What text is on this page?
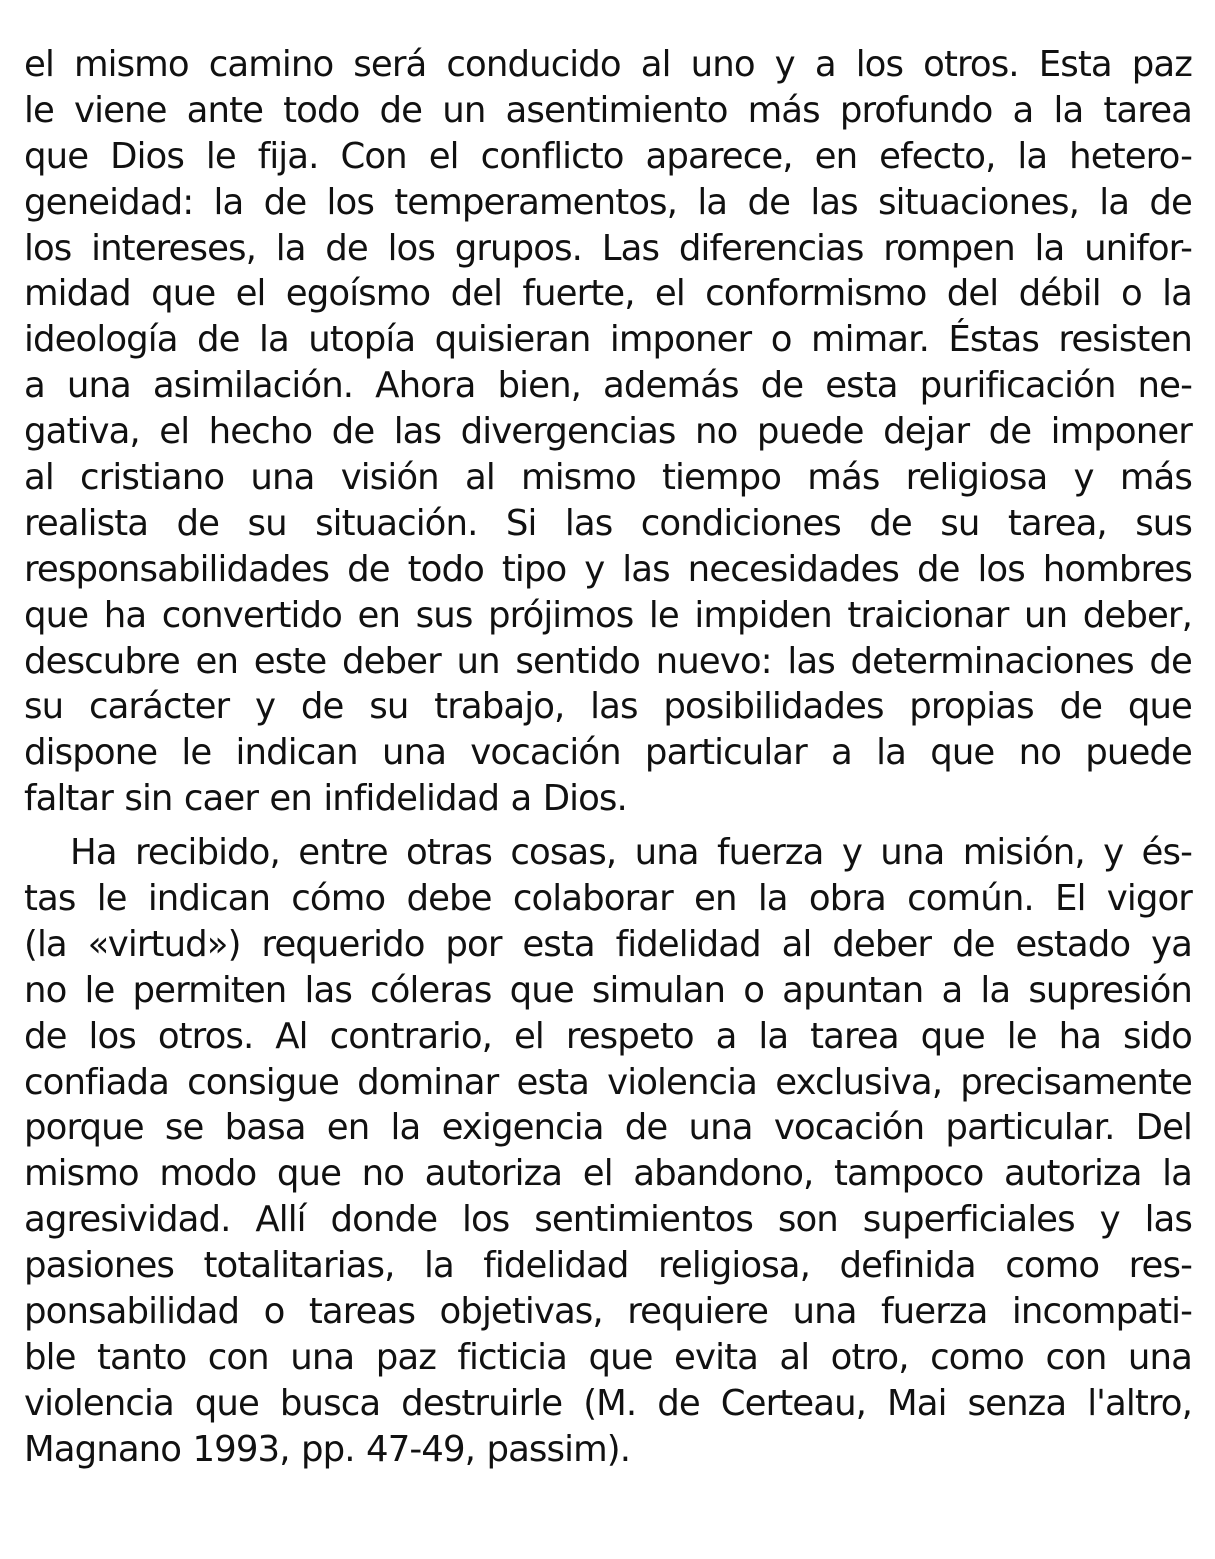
el mismo camino será conducido al uno y a los otros. Esta paz
le viene ante todo de un asentimiento más profundo a la tarea
que Dios le fija. Con el conflicto aparece, en efecto, la hetero-
geneidad: la de los temperamentos, la de las situaciones, la de
los intereses, la de los grupos. Las diferencias rompen la unifor-
midad que el egoísmo del fuerte, el conformismo del débil o la
ideología de la utopía quisieran imponer o mimar. Éstas resisten
a una asimilación. Ahora bien, además de esta purificación ne-
gativa, el hecho de las divergencias no puede dejar de imponer
al cristiano una visión al mismo tiempo más religiosa y más
realista de su situación. Si las condiciones de su tarea, sus
responsabilidades de todo tipo y las necesidades de los hombres
que ha convertido en sus prójimos le impiden traicionar un deber,
descubre en este deber un sentido nuevo: las determinaciones de
su carácter y de su trabajo, las posibilidades propias de que
dispone le indican una vocación particular a la que no puede
faltar sin caer en infidelidad a Dios.
Ha recibido, entre otras cosas, una fuerza y una misión, y és-
tas le indican cómo debe colaborar en la obra común. El vigor
(la «virtud») requerido por esta fidelidad al deber de estado ya
no le permiten las cóleras que simulan o apuntan a la supresión
de los otros. Al contrario, el respeto a la tarea que le ha sido
confiada consigue dominar esta violencia exclusiva, precisamente
porque se basa en la exigencia de una vocación particular. Del
mismo modo que no autoriza el abandono, tampoco autoriza la
agresividad. Allí donde los sentimientos son superficiales y las
pasiones totalitarias, la fidelidad religiosa, definida como res-
ponsabilidad o tareas objetivas, requiere una fuerza incompati-
ble tanto con una paz ficticia que evita al otro, como con una
violencia que busca destruirle (M. de Certeau, Mai senza l'altro,
Magnano 1993, pp. 47-49, passim).
